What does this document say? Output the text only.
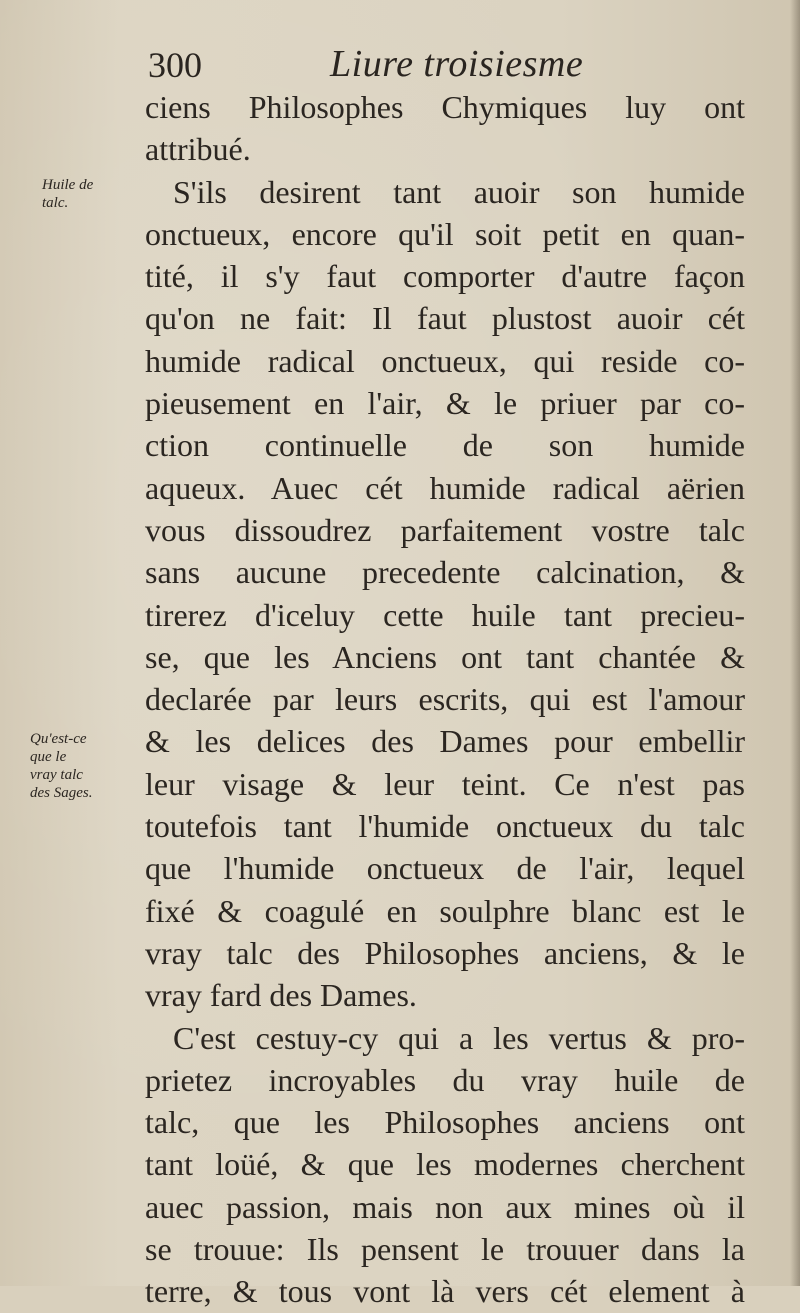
300	Liure troisiesme
Huile de
talc.
Qu'est-ce
que le
vray talc
des Sages.
ciens Philosophes Chymiques luy ont
attribué.
S'ils desirent tant auoir son humide
onctueux, encore qu'il soit petit en quan-
tité, il s'y faut comporter d'autre façon
qu'on ne fait: Il faut plustost auoir cét
humide radical onctueux, qui reside co-
pieusement en l'air, & le priuer par co-
ction continuelle de son humide
aqueux. Auec cét humide radical aërien
vous dissoudrez parfaitement vostre talc
sans aucune precedente calcination, &
tirerez d'iceluy cette huile tant precieu-
se, que les Anciens ont tant chantée &
declarée par leurs escrits, qui est l'amour
& les delices des Dames pour embellir
leur visage & leur teint. Ce n'est pas
toutefois tant l'humide onctueux du talc
que l'humide onctueux de l'air, lequel
fixé & coagulé en soulphre blanc est le
vray talc des Philosophes anciens, & le
vray fard des Dames.
C'est cestuy-cy qui a les vertus & pro-
prietez incroyables du vray huile de
talc, que les Philosophes anciens ont
tant loüé, & que les modernes cherchent
auec passion, mais non aux mines où il
se trouue: Ils pensent le trouuer dans la
terre, & tous vont là vers cét element à
